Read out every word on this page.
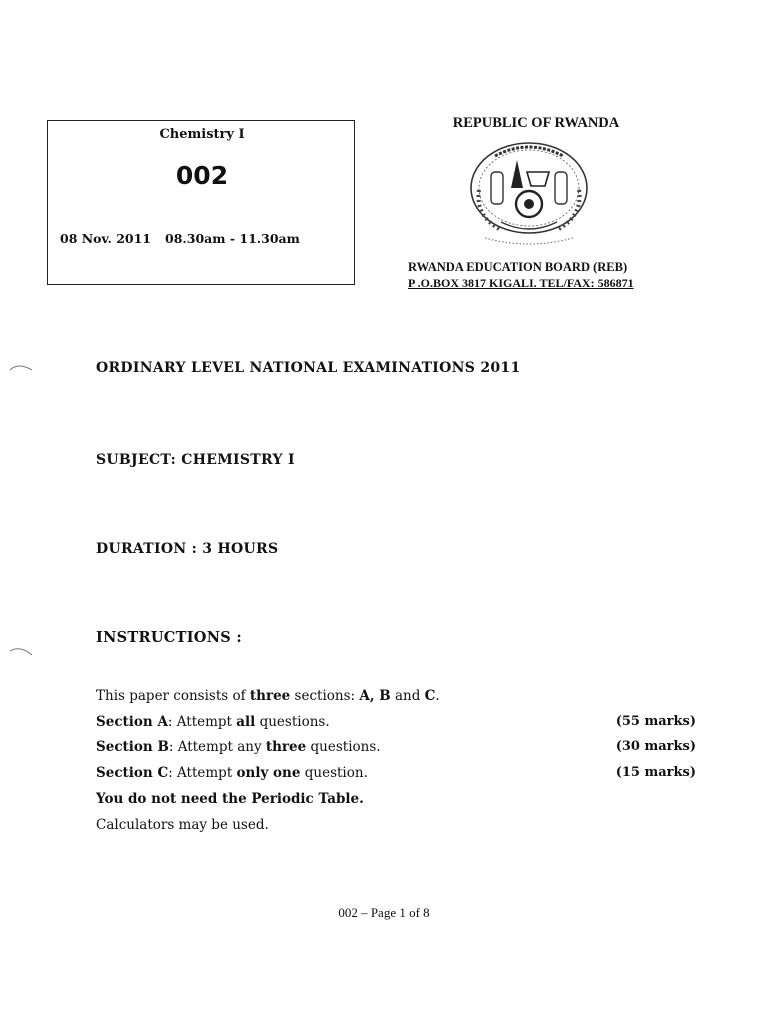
Chemistry I
002
08 Nov. 2011 08.30am - 11.30am
REPUBLIC OF RWANDA
RWANDA EDUCATION BOARD (REB)
P .O.BOX 3817 KIGALI. TEL/FAX: 586871
ORDINARY LEVEL NATIONAL EXAMINATIONS 2011
SUBJECT: CHEMISTRY I
DURATION : 3 HOURS
INSTRUCTIONS :
This paper consists of three sections: A, B and C.
Section A: Attempt all questions.	(55 marks)
Section B: Attempt any three questions.	(30 marks)
Section C: Attempt only one question.	(15 marks)
You do not need the Periodic Table.
Calculators may be used.
002 – Page 1 of 8
